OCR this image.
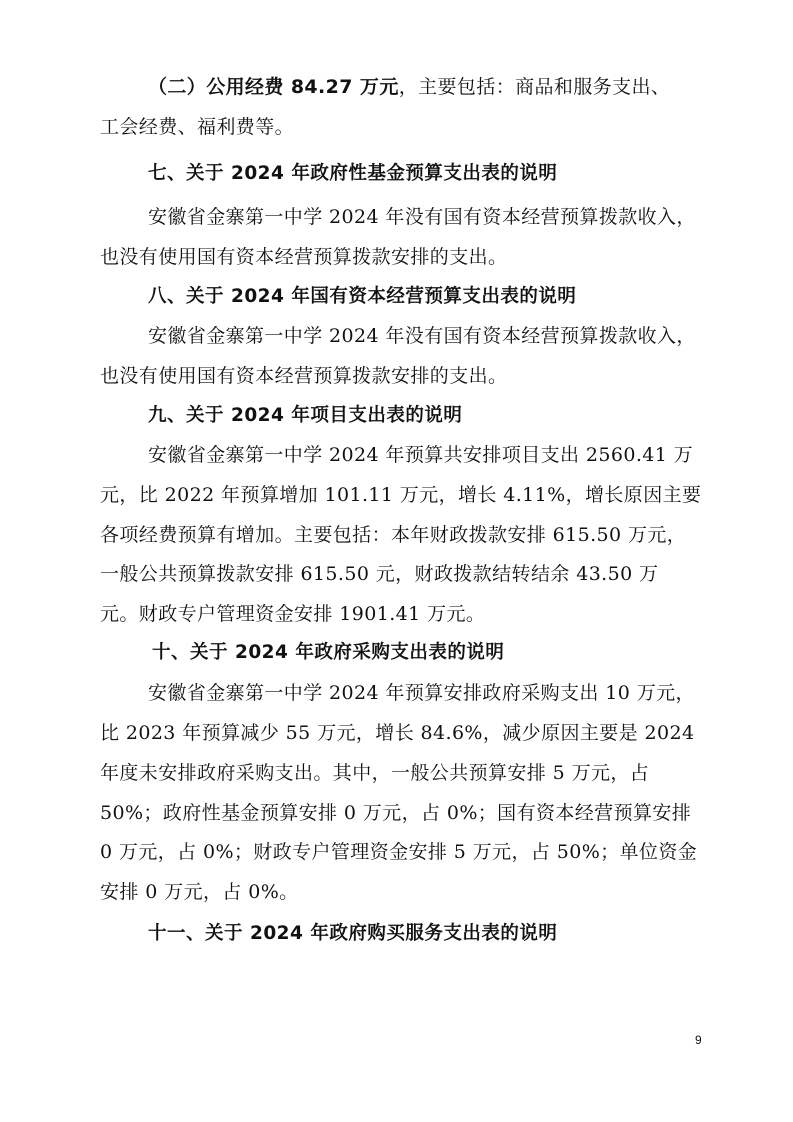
（二）公用经费 84.27 万元，主要包括：商品和服务支出、
工会经费、福利费等。
七、关于 2024 年政府性基金预算支出表的说明
安徽省金寨第一中学 2024 年没有国有资本经营预算拨款收入，
也没有使用国有资本经营预算拨款安排的支出。
八、关于 2024 年国有资本经营预算支出表的说明
安徽省金寨第一中学 2024 年没有国有资本经营预算拨款收入，
也没有使用国有资本经营预算拨款安排的支出。
九、关于 2024 年项目支出表的说明
安徽省金寨第一中学 2024 年预算共安排项目支出 2560.41 万
元，比 2022 年预算增加 101.11 万元，增长 4.11%，增长原因主要
各项经费预算有增加。主要包括：本年财政拨款安排 615.50 万元，
一般公共预算拨款安排 615.50 元，财政拨款结转结余 43.50 万
元。财政专户管理资金安排 1901.41 万元。
十、关于 2024 年政府采购支出表的说明
安徽省金寨第一中学 2024 年预算安排政府采购支出 10 万元，
比 2023 年预算减少 55 万元，增长 84.6%，减少原因主要是 2024
年度未安排政府采购支出。其中，一般公共预算安排 5 万元，占
50%；政府性基金预算安排 0 万元，占 0%；国有资本经营预算安排
0 万元，占 0%；财政专户管理资金安排 5 万元，占 50%；单位资金
安排 0 万元，占 0%。
十一、关于 2024 年政府购买服务支出表的说明
9
